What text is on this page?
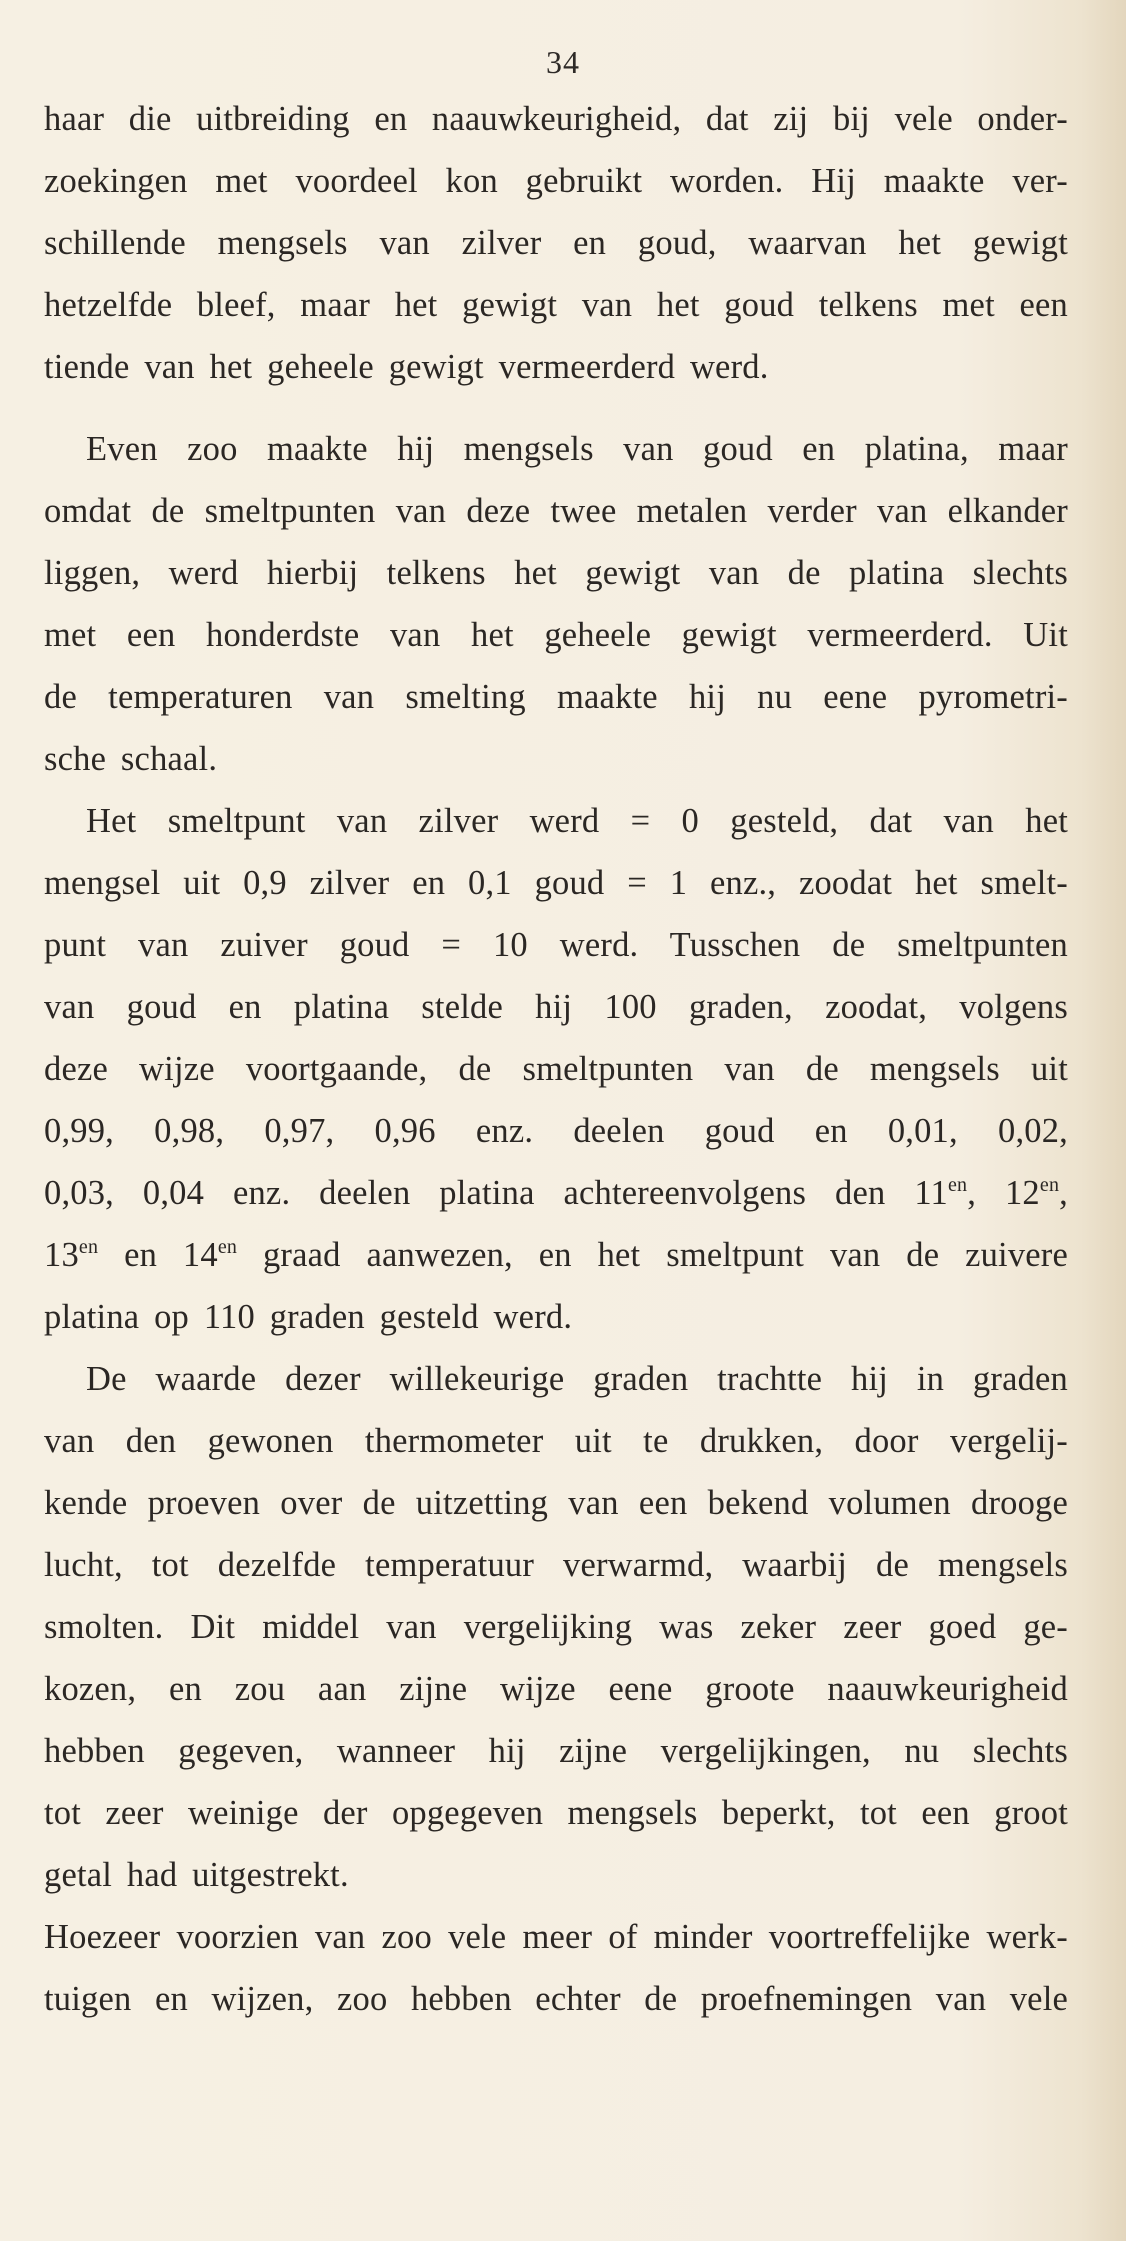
34
haar die uitbreiding en naauwkeurigheid, dat zij bij vele onder-
zoekingen met voordeel kon gebruikt worden. Hij maakte ver-
schillende mengsels van zilver en goud, waarvan het gewigt
hetzelfde bleef, maar het gewigt van het goud telkens met een
tiende van het geheele gewigt vermeerderd werd.
Even zoo maakte hij mengsels van goud en platina, maar
omdat de smeltpunten van deze twee metalen verder van elkander
liggen, werd hierbij telkens het gewigt van de platina slechts
met een honderdste van het geheele gewigt vermeerderd. Uit
de temperaturen van smelting maakte hij nu eene pyrometri-
sche schaal.
Het smeltpunt van zilver werd = 0 gesteld, dat van het
mengsel uit 0,9 zilver en 0,1 goud = 1 enz., zoodat het smelt-
punt van zuiver goud = 10 werd. Tusschen de smeltpunten
van goud en platina stelde hij 100 graden, zoodat, volgens
deze wijze voortgaande, de smeltpunten van de mengsels uit
0,99, 0,98, 0,97, 0,96 enz. deelen goud en 0,01, 0,02,
0,03, 0,04 enz. deelen platina achtereenvolgens den $11^{en}$, $12^{en}$,
$13^{en}$ en $14^{en}$ graad aanwezen, en het smeltpunt van de zuivere
platina op 110 graden gesteld werd.
De waarde dezer willekeurige graden trachtte hij in graden
van den gewonen thermometer uit te drukken, door vergelij-
kende proeven over de uitzetting van een bekend volumen drooge
lucht, tot dezelfde temperatuur verwarmd, waarbij de mengsels
smolten. Dit middel van vergelijking was zeker zeer goed ge-
kozen, en zou aan zijne wijze eene groote naauwkeurigheid
hebben gegeven, wanneer hij zijne vergelijkingen, nu slechts
tot zeer weinige der opgegeven mengsels beperkt, tot een groot
getal had uitgestrekt.
Hoezeer voorzien van zoo vele meer of minder voortreffelijke werk-
tuigen en wijzen, zoo hebben echter de proefnemingen van vele
